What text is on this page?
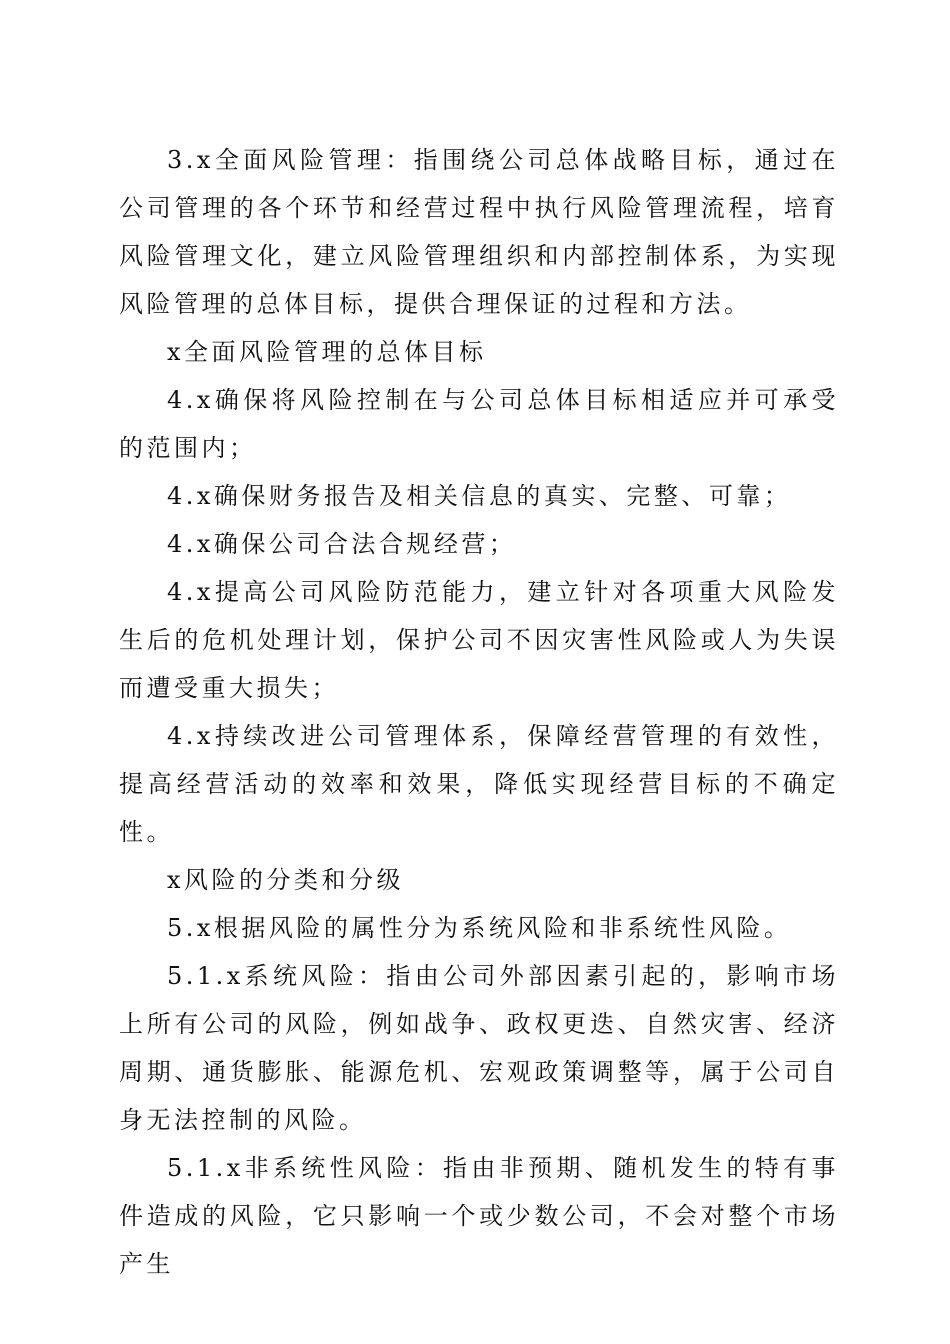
3.x全面风险管理：指围绕公司总体战略目标，通过在公司管理的各个环节和经营过程中执行风险管理流程，培育风险管理文化，建立风险管理组织和内部控制体系，为实现风险管理的总体目标，提供合理保证的过程和方法。

x全面风险管理的总体目标

4.x确保将风险控制在与公司总体目标相适应并可承受的范围内；

4.x确保财务报告及相关信息的真实、完整、可靠；

4.x确保公司合法合规经营；

4.x提高公司风险防范能力，建立针对各项重大风险发生后的危机处理计划，保护公司不因灾害性风险或人为失误而遭受重大损失；

4.x持续改进公司管理体系，保障经营管理的有效性，提高经营活动的效率和效果，降低实现经营目标的不确定性。

x风险的分类和分级

5.x根据风险的属性分为系统风险和非系统性风险。

5.1.x系统风险：指由公司外部因素引起的，影响市场上所有公司的风险，例如战争、政权更迭、自然灾害、经济周期、通货膨胀、能源危机、宏观政策调整等，属于公司自身无法控制的风险。

5.1.x非系统性风险：指由非预期、随机发生的特有事件造成的风险，它只影响一个或少数公司，不会对整个市场产生
